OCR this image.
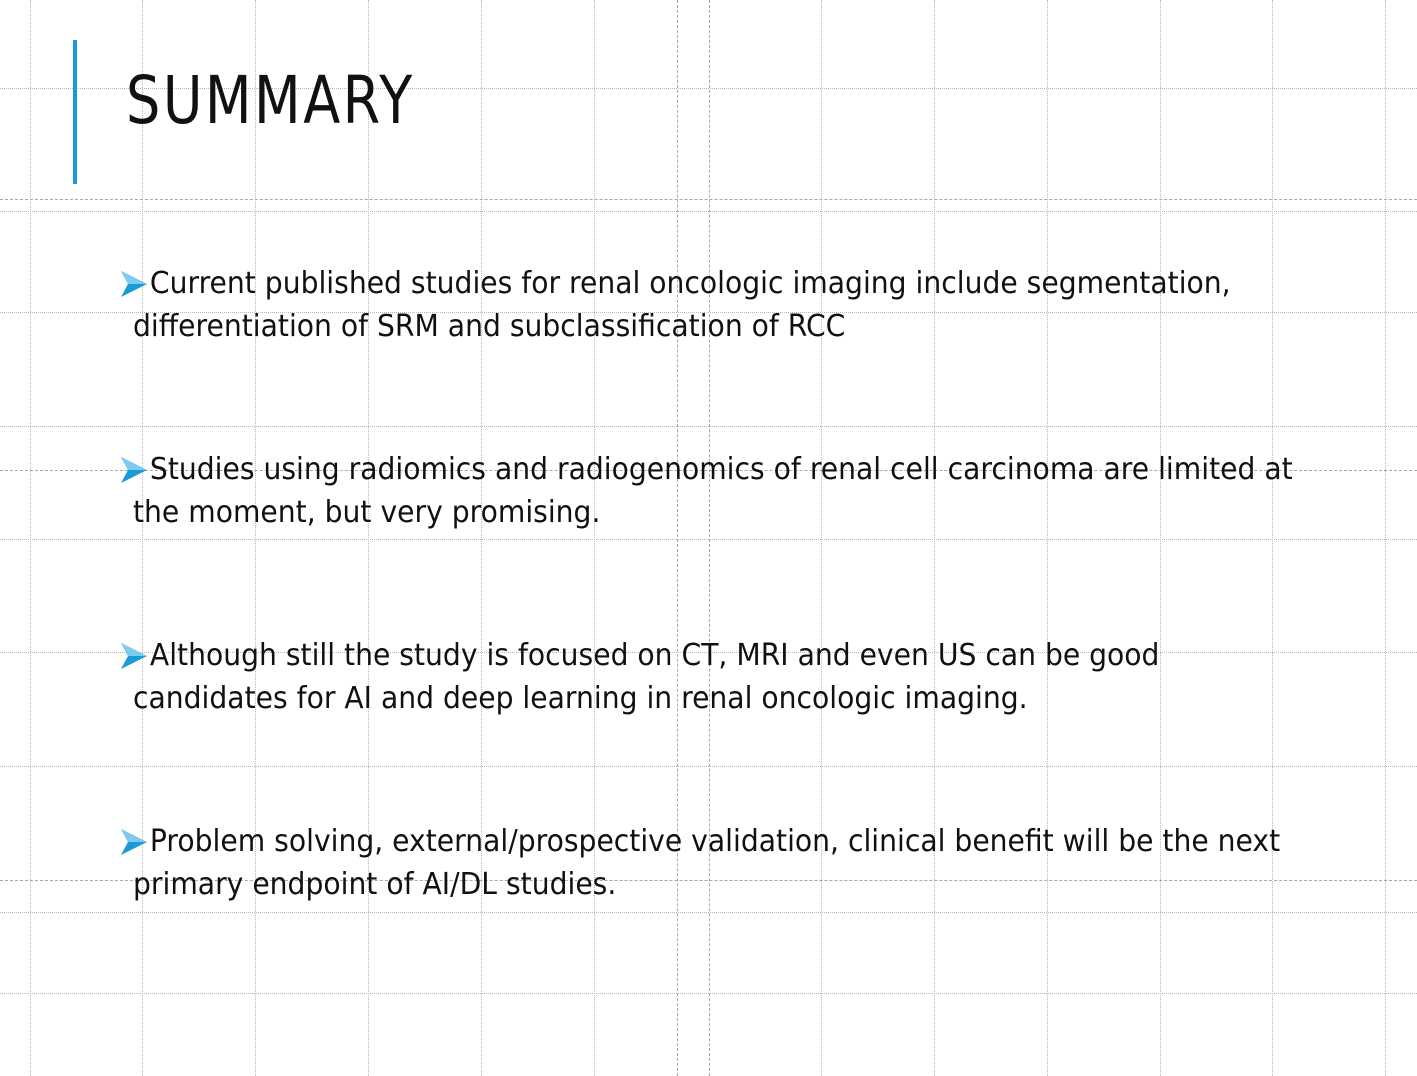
SUMMARY
Current published studies for renal oncologic imaging include segmentation, differentiation of SRM and subclassification of RCC
Studies using radiomics and radiogenomics of renal cell carcinoma are limited at the moment, but very promising.
Although still the study is focused on CT, MRI and even US can be good candidates for AI and deep learning in renal oncologic imaging.
Problem solving, external/prospective validation, clinical benefit will be the next primary endpoint of AI/DL studies.
